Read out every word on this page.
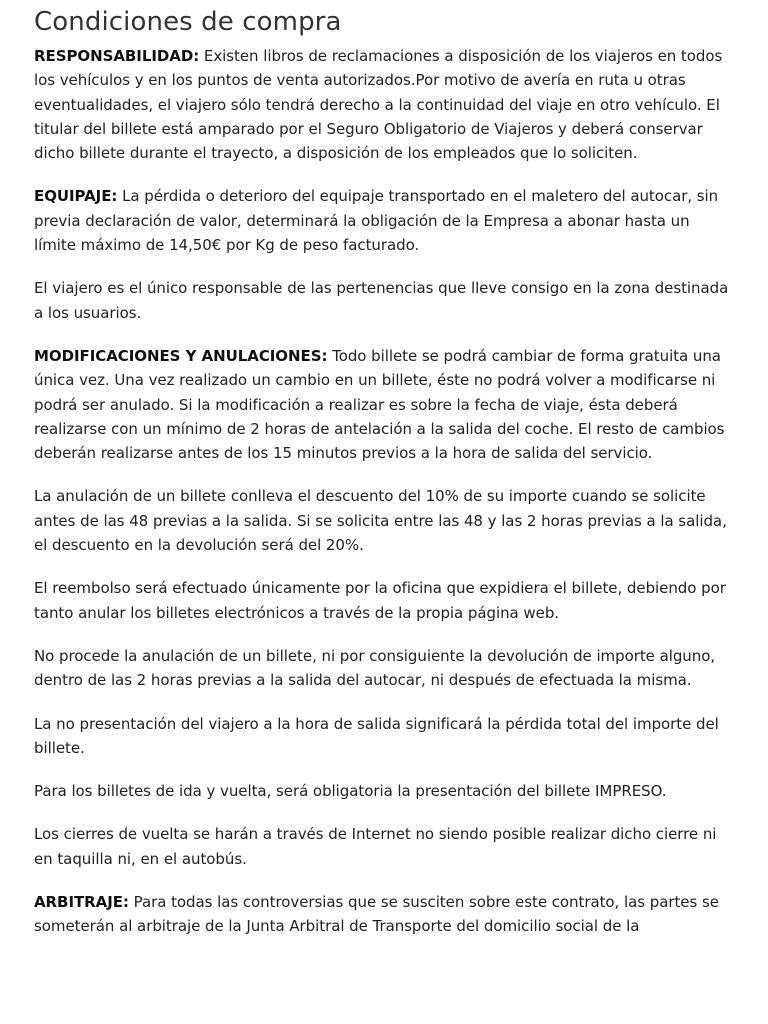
Condiciones de compra

RESPONSABILIDAD: Existen libros de reclamaciones a disposición de los viajeros en todos los vehículos y en los puntos de venta autorizados.Por motivo de avería en ruta u otras eventualidades, el viajero sólo tendrá derecho a la continuidad del viaje en otro vehículo. El titular del billete está amparado por el Seguro Obligatorio de Viajeros y deberá conservar dicho billete durante el trayecto, a disposición de los empleados que lo soliciten.

EQUIPAJE: La pérdida o deterioro del equipaje transportado en el maletero del autocar, sin previa declaración de valor, determinará la obligación de la Empresa a abonar hasta un límite máximo de 14,50€ por Kg de peso facturado.

El viajero es el único responsable de las pertenencias que lleve consigo en la zona destinada a los usuarios.

MODIFICACIONES Y ANULACIONES: Todo billete se podrá cambiar de forma gratuita una única vez. Una vez realizado un cambio en un billete, éste no podrá volver a modificarse ni podrá ser anulado. Si la modificación a realizar es sobre la fecha de viaje, ésta deberá realizarse con un mínimo de 2 horas de antelación a la salida del coche. El resto de cambios deberán realizarse antes de los 15 minutos previos a la hora de salida del servicio.

La anulación de un billete conlleva el descuento del 10% de su importe cuando se solicite antes de las 48 previas a la salida. Si se solicita entre las 48 y las 2 horas previas a la salida, el descuento en la devolución será del 20%.

El reembolso será efectuado únicamente por la oficina que expidiera el billete, debiendo por tanto anular los billetes electrónicos a través de la propia página web.

No procede la anulación de un billete, ni por consiguiente la devolución de importe alguno, dentro de las 2 horas previas a la salida del autocar, ni después de efectuada la misma.

La no presentación del viajero a la hora de salida significará la pérdida total del importe del billete.

Para los billetes de ida y vuelta, será obligatoria la presentación del billete IMPRESO.

Los cierres de vuelta se harán a través de Internet no siendo posible realizar dicho cierre ni en taquilla ni, en el autobús.

ARBITRAJE: Para todas las controversias que se susciten sobre este contrato, las partes se someterán al arbitraje de la Junta Arbitral de Transporte del domicilio social de la
